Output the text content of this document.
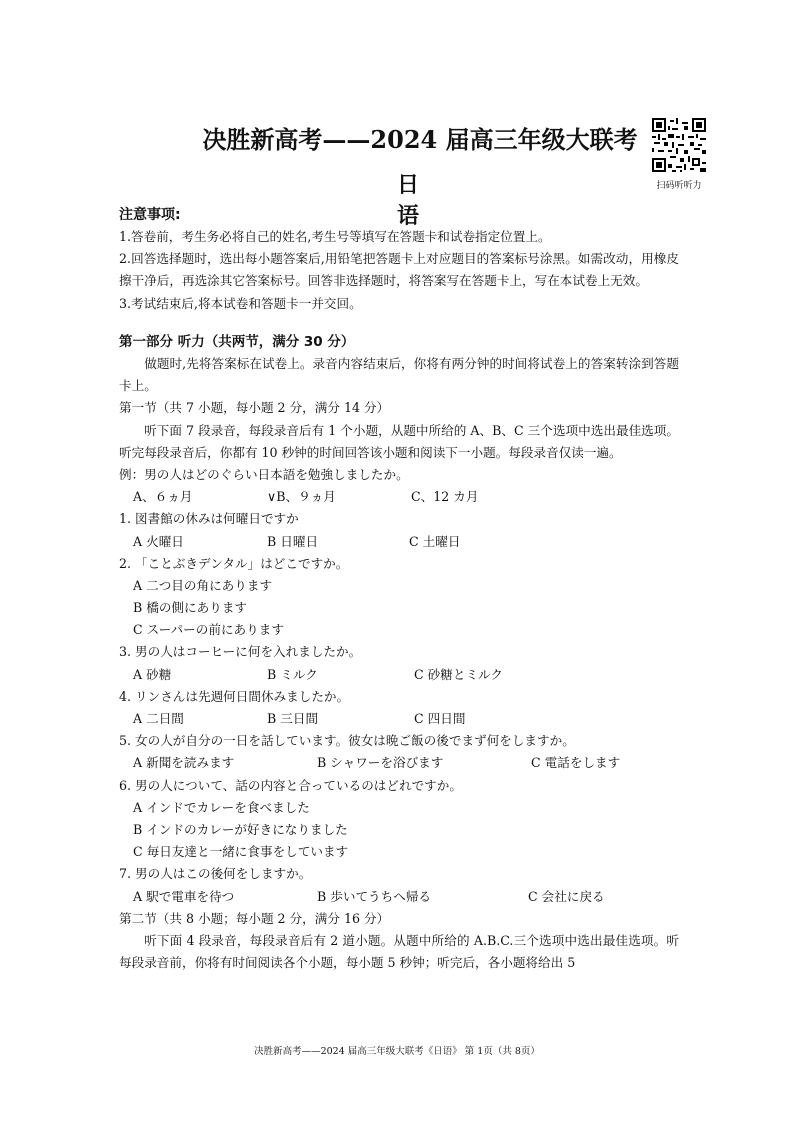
决胜新高考——2024 届高三年级大联考
日　　语
扫码听听力
注意事项:
1.答卷前，考生务必将自己的姓名,考生号等填写在答题卡和试卷指定位置上。
2.回答选择题时，选出每小题答案后,用铅笔把答题卡上对应题目的答案标号涂黑。如需改动，用橡皮擦干净后，再选涂其它答案标号。回答非选择题时，将答案写在答题卡上，写在本试卷上无效。
3.考试结束后,将本试卷和答题卡一并交回。
第一部分 听力（共两节，满分 30 分）
做题时,先将答案标在试卷上。录音内容结束后，你将有两分钟的时间将试卷上的答案转涂到答题卡上。
第一节（共 7 小题，每小题 2 分，满分 14 分）
听下面 7 段录音，每段录音后有 1 个小题，从题中所给的 A、B、C 三个选项中选出最佳选项。听完每段录音后，你都有 10 秒钟的时间回答该小题和阅读下一小题。每段录音仅读一遍。
例：男の人はどのぐらい日本語を勉強しましたか。
A、６ヵ月	∨B、９ヵ月	C、12 カ月
1. 図書館の休みは何曜日ですか
A 火曜日	B 日曜日	C 土曜日
2. 「ことぶきデンタル」はどこですか。
A 二つ目の角にあります
B 橋の側にあります
C スーパーの前にあります
3. 男の人はコーヒーに何を入れましたか。
A 砂糖	B ミルク	C 砂糖とミルク
4. リンさんは先週何日間休みましたか。
A 二日間	B 三日間	C 四日間
5. 女の人が自分の一日を話しています。彼女は晩ご飯の後でまず何をしますか。
A 新聞を読みます	B シャワーを浴びます	C 電話をします
6. 男の人について、話の内容と合っているのはどれですか。
A インドでカレーを食べました
B インドのカレーが好きになりました
C 毎日友達と一緒に食事をしています
7. 男の人はこの後何をしますか。
A 駅で電車を待つ	B 歩いてうちへ帰る	C 会社に戻る
第二节（共 8 小题；每小题 2 分，满分 16 分）
听下面 4 段录音，每段录音后有 2 道小题。从题中所给的 A.B.C.三个选项中选出最佳选项。听每段录音前，你将有时间阅读各个小题，每小题 5 秒钟；听完后，各小题将给出 5
决胜新高考——2024 届高三年级大联考《日语》 第 1页（共 8页）
